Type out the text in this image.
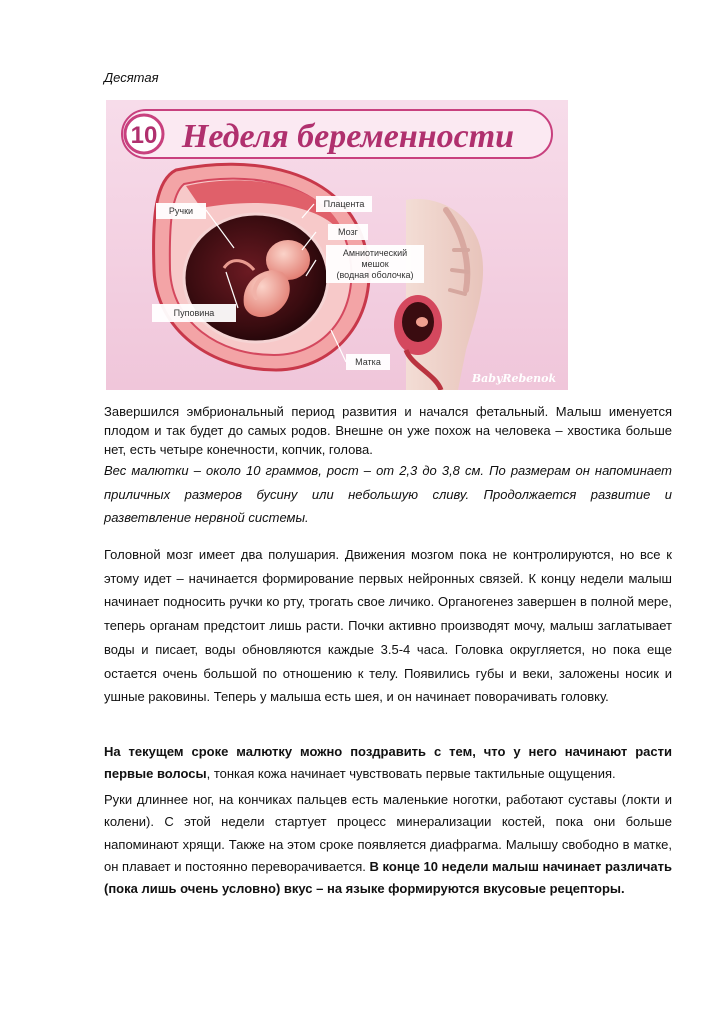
Десятая
10 Неделя беременности
Ручки
Плацента
Мозг
Амниотический
мешок
(водная оболочка)
Пуповина
Матка
BabyRebenok

Завершился эмбриональный период развития и начался фетальный. Малыш именуется плодом и так будет до самых родов. Внешне он уже похож на человека – хвостика больше нет, есть четыре конечности, копчик, голова.

Вес малютки – около 10 граммов, рост – от 2,3 до 3,8 см. По размерам он напоминает приличных размеров бусину или небольшую сливу. Продолжается развитие и разветвление нервной системы.

Головной мозг имеет два полушария. Движения мозгом пока не контролируются, но все к этому идет – начинается формирование первых нейронных связей. К концу недели малыш начинает подносить ручки ко рту, трогать свое личико. Органогенез завершен в полной мере, теперь органам предстоит лишь расти. Почки активно производят мочу, малыш заглатывает воды и писает, воды обновляются каждые 3.5-4 часа. Головка округляется, но пока еще остается очень большой по отношению к телу. Появились губы и веки, заложены носик и ушные раковины. Теперь у малыша есть шея, и он начинает поворачивать головку.

На текущем сроке малютку можно поздравить с тем, что у него начинают расти первые волосы, тонкая кожа начинает чувствовать первые тактильные ощущения.

Руки длиннее ног, на кончиках пальцев есть маленькие ноготки, работают суставы (локти и колени). С этой недели стартует процесс минерализации костей, пока они больше напоминают хрящи. Также на этом сроке появляется диафрагма. Малышу свободно в матке, он плавает и постоянно переворачивается. В конце 10 недели малыш начинает различать (пока лишь очень условно) вкус – на языке формируются вкусовые рецепторы.
